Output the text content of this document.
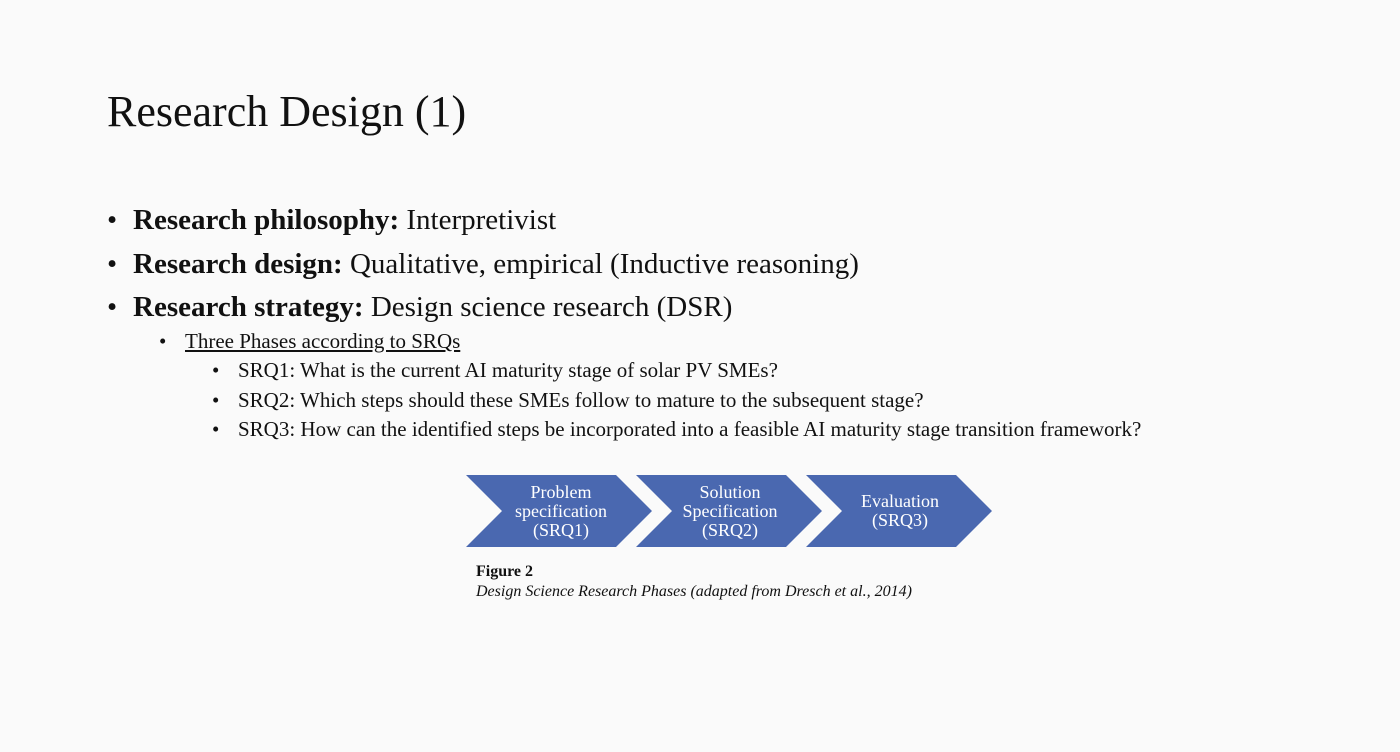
Research Design (1)
• Research philosophy: Interpretivist
• Research design: Qualitative, empirical (Inductive reasoning)
• Research strategy: Design science research (DSR)
• Three Phases according to SRQs
• SRQ1: What is the current AI maturity stage of solar PV SMEs?
• SRQ2: Which steps should these SMEs follow to mature to the subsequent stage?
• SRQ3: How can the identified steps be incorporated into a feasible AI maturity stage transition framework?
Problem
specification
(SRQ1)
Solution
Specification
(SRQ2)
Evaluation
(SRQ3)
Figure 2
Design Science Research Phases (adapted from Dresch et al., 2014)
